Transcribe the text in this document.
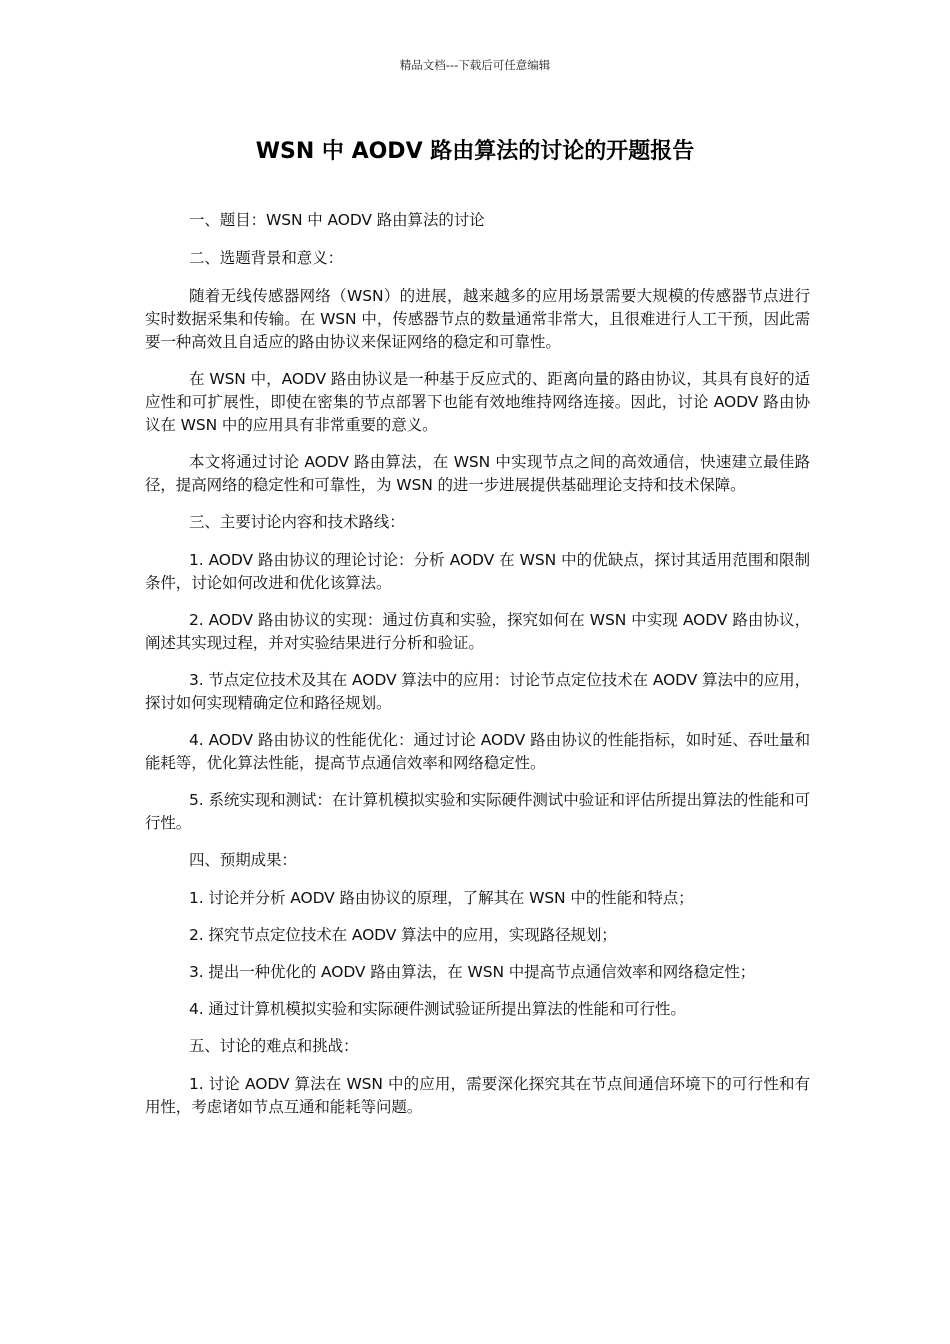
精品文档---下载后可任意编辑
WSN 中 AODV 路由算法的讨论的开题报告

一、题目：WSN 中 AODV 路由算法的讨论

二、选题背景和意义：

随着无线传感器网络（WSN）的进展，越来越多的应用场景需要大规模的传感器节点进行实时数据采集和传输。在 WSN 中，传感器节点的数量通常非常大，且很难进行人工干预，因此需要一种高效且自适应的路由协议来保证网络的稳定和可靠性。

在 WSN 中，AODV 路由协议是一种基于反应式的、距离向量的路由协议，其具有良好的适应性和可扩展性，即使在密集的节点部署下也能有效地维持网络连接。因此，讨论 AODV 路由协议在 WSN 中的应用具有非常重要的意义。

本文将通过讨论 AODV 路由算法，在 WSN 中实现节点之间的高效通信，快速建立最佳路径，提高网络的稳定性和可靠性，为 WSN 的进一步进展提供基础理论支持和技术保障。

三、主要讨论内容和技术路线：

1. AODV 路由协议的理论讨论：分析 AODV 在 WSN 中的优缺点，探讨其适用范围和限制条件，讨论如何改进和优化该算法。

2. AODV 路由协议的实现：通过仿真和实验，探究如何在 WSN 中实现 AODV 路由协议，阐述其实现过程，并对实验结果进行分析和验证。

3. 节点定位技术及其在 AODV 算法中的应用：讨论节点定位技术在 AODV 算法中的应用，探讨如何实现精确定位和路径规划。

4. AODV 路由协议的性能优化：通过讨论 AODV 路由协议的性能指标，如时延、吞吐量和能耗等，优化算法性能，提高节点通信效率和网络稳定性。

5. 系统实现和测试：在计算机模拟实验和实际硬件测试中验证和评估所提出算法的性能和可行性。

四、预期成果：

1. 讨论并分析 AODV 路由协议的原理，了解其在 WSN 中的性能和特点；

2. 探究节点定位技术在 AODV 算法中的应用，实现路径规划；

3. 提出一种优化的 AODV 路由算法，在 WSN 中提高节点通信效率和网络稳定性；

4. 通过计算机模拟实验和实际硬件测试验证所提出算法的性能和可行性。

五、讨论的难点和挑战：

1. 讨论 AODV 算法在 WSN 中的应用，需要深化探究其在节点间通信环境下的可行性和有用性，考虑诸如节点互通和能耗等问题。
